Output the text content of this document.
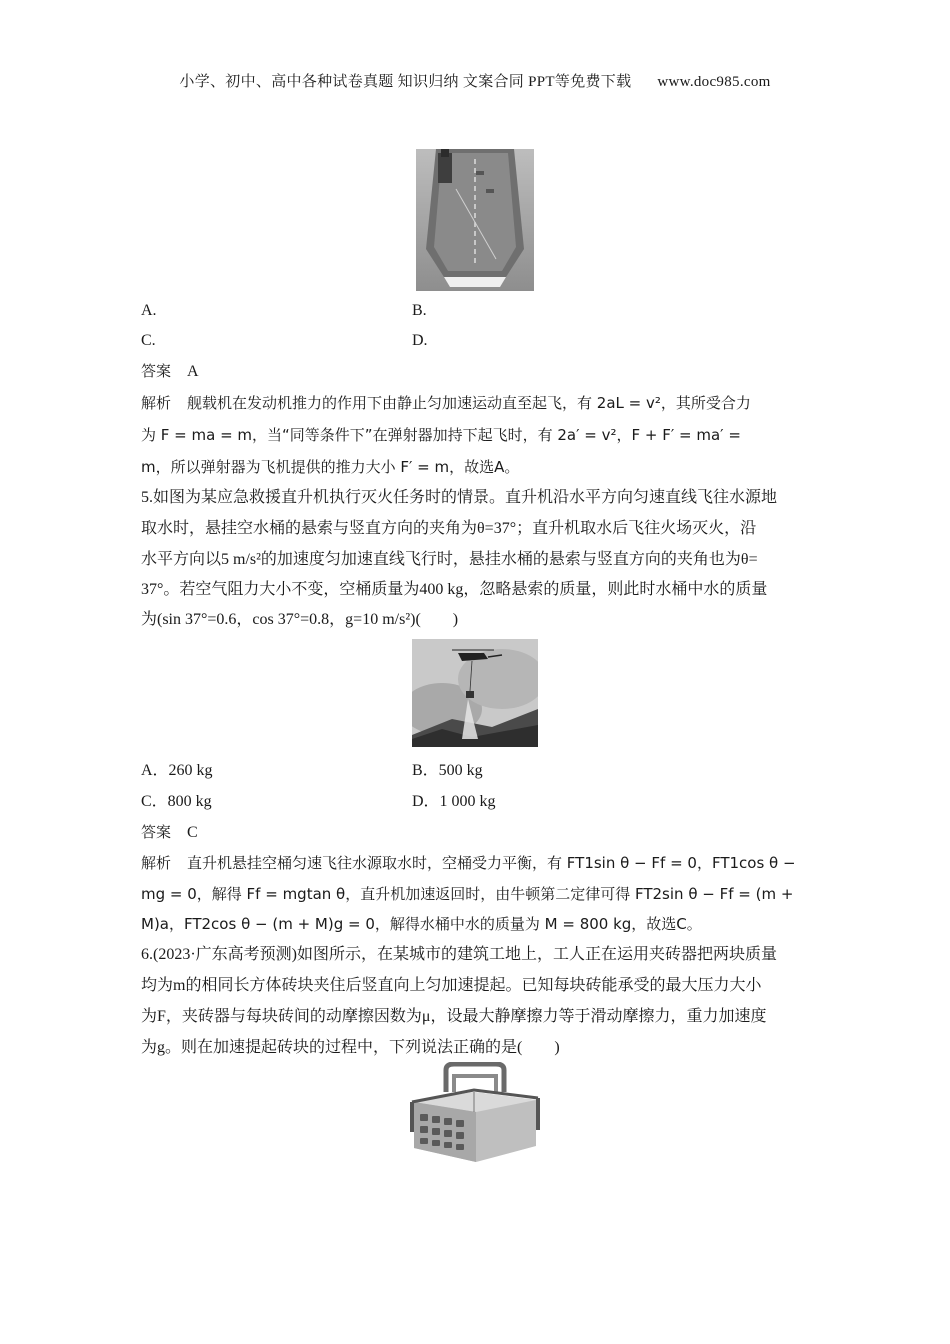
小学、初中、高中各种试卷真题 知识归纳 文案合同 PPT等免费下载 www.doc985.com
A.	B.
C.	D.
答案 A
解析 舰载机在发动机推力的作用下由静止匀加速运动直至起飞，有 2aL = v²，其所受合力
为 F = ma = m，当“同等条件下”在弹射器加持下起飞时，有 2a′ = v²，F + F′ = ma′ =
m，所以弹射器为飞机提供的推力大小 F′ = m，故选A。
5.如图为某应急救援直升机执行灭火任务时的情景。直升机沿水平方向匀速直线飞往水源地
取水时，悬挂空水桶的悬索与竖直方向的夹角为θ=37°；直升机取水后飞往火场灭火，沿
水平方向以5 m/s²的加速度匀加速直线飞行时，悬挂水桶的悬索与竖直方向的夹角也为θ=
37°。若空气阻力大小不变，空桶质量为400 kg，忽略悬索的质量，则此时水桶中水的质量
为(sin 37°=0.6，cos 37°=0.8，g=10 m/s²)(　　)
A．260 kg	B．500 kg
C．800 kg	D．1 000 kg
答案 C
解析 直升机悬挂空桶匀速飞往水源取水时，空桶受力平衡，有 FT1sin θ − Ff = 0，FT1cos θ −
mg = 0，解得 Ff = mgtan θ，直升机加速返回时，由牛顿第二定律可得 FT2sin θ − Ff = (m +
M)a，FT2cos θ − (m + M)g = 0，解得水桶中水的质量为 M = 800 kg，故选C。
6.(2023·广东高考预测)如图所示，在某城市的建筑工地上，工人正在运用夹砖器把两块质量
均为m的相同长方体砖块夹住后竖直向上匀加速提起。已知每块砖能承受的最大压力大小
为F，夹砖器与每块砖间的动摩擦因数为μ，设最大静摩擦力等于滑动摩擦力，重力加速度
为g。则在加速提起砖块的过程中，下列说法正确的是(　　)
